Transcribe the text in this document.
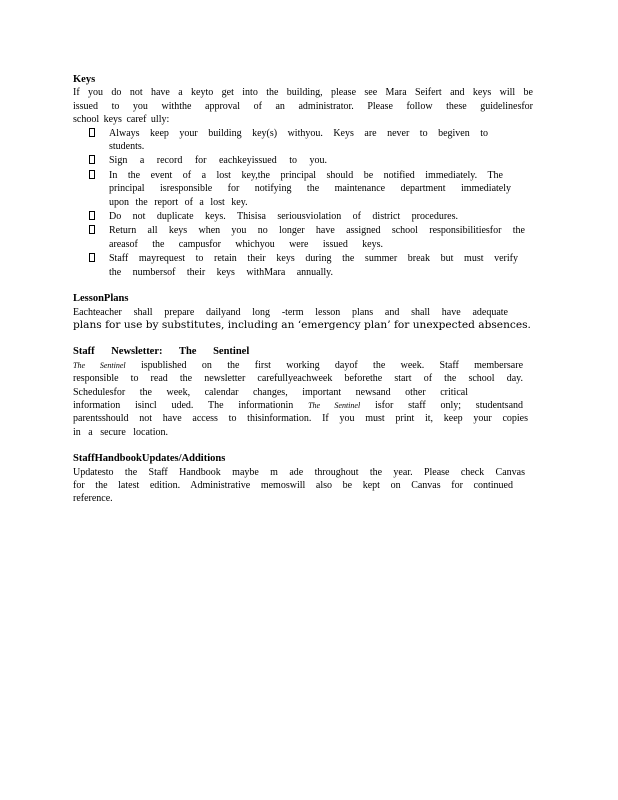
Keys

If you do not have a keyto get into the building, please see Mara Seifert and keys will be

issued to you withthe approval of an administrator. Please follow these guidelinesfor

school keys caref ully:

Always keep your building key(s) withyou. Keys are never to begiven to
students.
Sign a record for eachkeyissued to you.
In the event of a lost key,the principal should be notified immediately. The
principal isresponsible for notifying the maintenance department immediately
upon the report of a lost key.
Do not duplicate keys. Thisisa seriousviolation of district procedures.
Return all keys when you no longer have assigned school responsibilitiesfor the
areasof the campusfor whichyou were issued keys.
Staff mayrequest to retain their keys during the summer break but must verify
the numbersof their keys withMara annually.

LessonPlans

Eachteacher shall prepare dailyand long -term lesson plans and shall have adequate

plans for use by substitutes, including an ‘emergency plan’ for unexpected absences.

Staff Newsletter: The Sentinel

The Sentinel ispublished on the first working dayof the week. Staff membersare

responsible to read the newsletter carefullyeachweek beforethe start of the school day.

Schedulesfor the week, calendar changes, important newsand other critical

information isincl uded. The informationin The Sentinel isfor staff only; studentsand

parentsshould not have access to thisinformation. If you must print it, keep your copies

in a secure location.

StaffHandbookUpdates/Additions

Updatesto the Staff Handbook maybe m ade throughout the year. Please check Canvas

for the latest edition. Administrative memoswill also be kept on Canvas for continued

reference.
